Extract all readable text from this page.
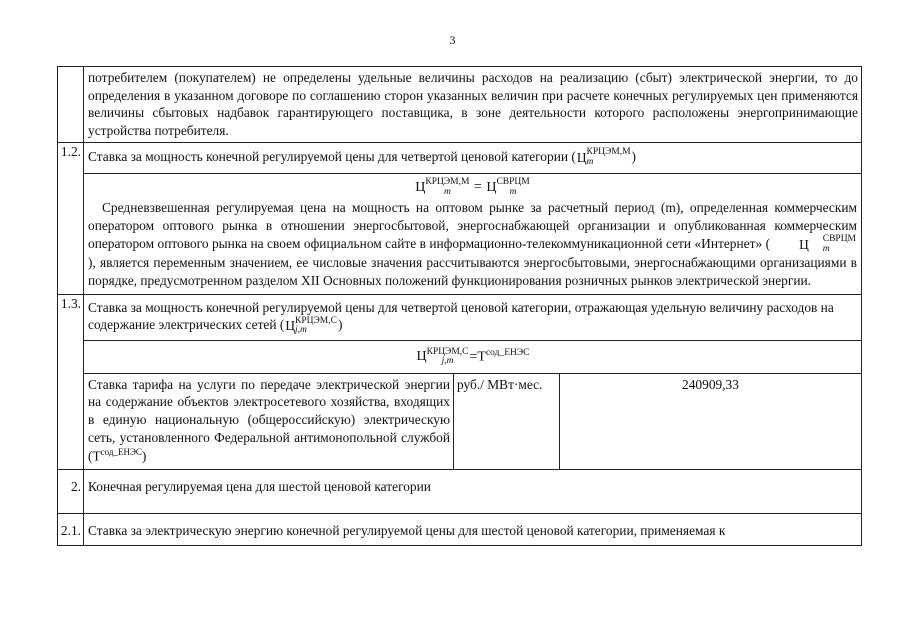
3
потребителем (покупателем) не определены удельные величины расходов на реализацию (сбыт) электрической энергии, то до определения в указанном договоре по соглашению сторон указанных величин при расчете конечных регулируемых цен применяются величины сбытовых надбавок гарантирующего поставщика, в зоне деятельности которого расположены энергопринимающие устройства потребителя.
1.2. Ставка за мощность конечной регулируемой цены для четвертой ценовой категории (Ц КРЦЭМ,М
m	)
Ц КРЦЭМ,М
m	= Ц СВРЦМ
m
Средневзвешенная регулируемая цена на мощность на оптовом рынке за расчетный период (m), определенная коммерческим оператором оптового рынка в отношении энергосбытовой, энергоснабжающей организации и опубликованная коммерческим оператором оптового рынка на своем официальном сайте в информационно-телекоммуникационной сети «Интернет» ( Ц	СВРЦМ
m
), является переменным значением, ее числовые значения рассчитываются энергосбытовыми, энергоснабжающими организациями в порядке, предусмотренном разделом XII Основных положений функционирования розничных рынков электрической энергии.
1.3. Ставка за мощность конечной регулируемой цены для четвертой ценовой категории, отражающая удельную величину расходов на содержание электрических сетей (Ц КРЦЭМ,С
j,m	)
Ц КРЦЭМ,С
j,m	$=Т^{сод\_ЕНЭС}$
Ставка тарифа на услуги по передаче электрической энергии на содержание объектов электросетевого хозяйства, входящих в единую национальную (общероссийскую) электрическую сеть, установленного Федеральной антимонопольной службой $(Т^{сод\_ЕНЭС})$
руб./ МВт·мес.	240909,33
2. Конечная регулируемая цена для шестой ценовой категории
2.1. Ставка за электрическую энергию конечной регулируемой цены для шестой ценовой категории, применяемая к
